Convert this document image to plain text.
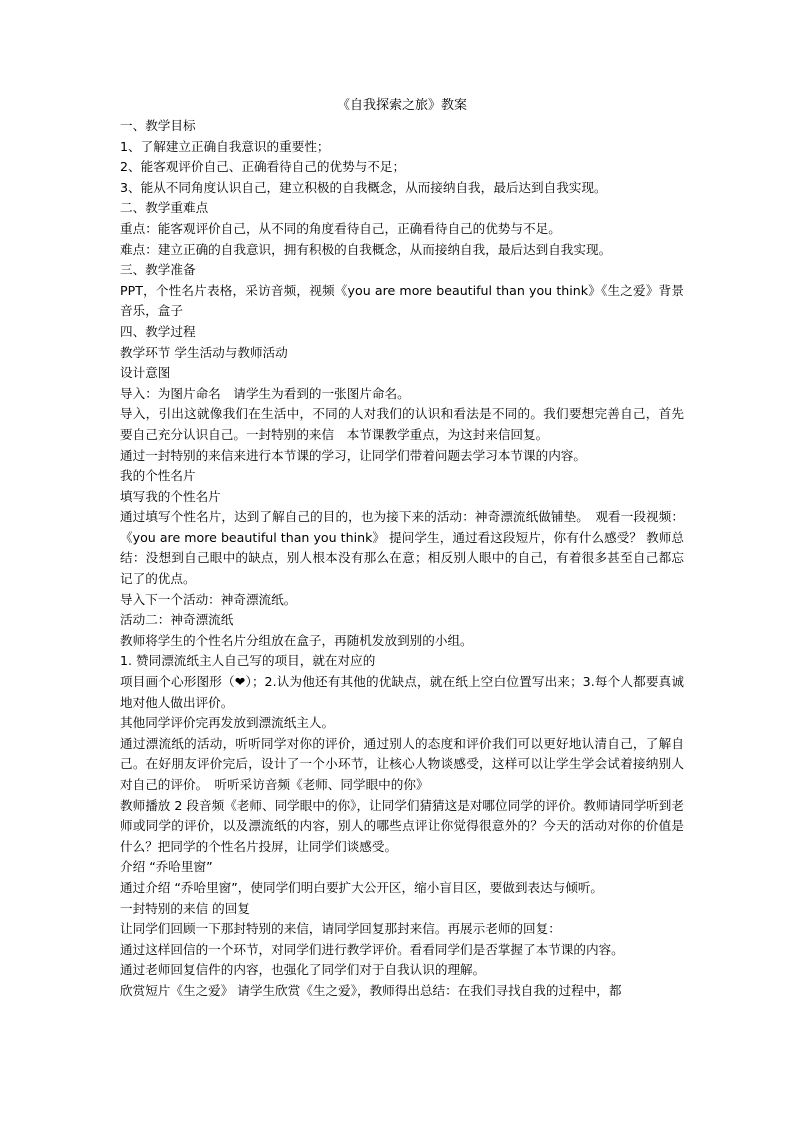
《自我探索之旅》教案

一、教学目标

1、了解建立正确自我意识的重要性；

2、能客观评价自己、正确看待自己的优势与不足；

3、能从不同角度认识自己，建立积极的自我概念，从而接纳自我，最后达到自我实现。

二、教学重难点

重点：能客观评价自己，从不同的角度看待自己，正确看待自己的优势与不足。

难点：建立正确的自我意识，拥有积极的自我概念，从而接纳自我，最后达到自我实现。

三、教学准备

PPT，个性名片表格，采访音频，视频《you are more beautiful than you think》《生之爱》背景音乐，盒子

四、教学过程

教学环节 学生活动与教师活动

设计意图

导入：为图片命名　请学生为看到的一张图片命名。

导入，引出这就像我们在生活中，不同的人对我们的认识和看法是不同的。我们要想完善自己，首先要自己充分认识自己。一封特别的来信　本节课教学重点，为这封来信回复。

通过一封特别的来信来进行本节课的学习，让同学们带着问题去学习本节课的内容。

我的个性名片

填写我的个性名片

通过填写个性名片，达到了解自己的目的，也为接下来的活动：神奇漂流纸做铺垫。　观看一段视频：《you are more beautiful than you think》 提问学生，通过看这段短片，你有什么感受？ 教师总结：没想到自己眼中的缺点，别人根本没有那么在意；相反别人眼中的自己，有着很多甚至自己都忘记了的优点。

导入下一个活动：神奇漂流纸。

活动二：神奇漂流纸

教师将学生的个性名片分组放在盒子，再随机发放到别的小组。

1. 赞同漂流纸主人自己写的项目，就在对应的

项目画个心形图形（❤）；2.认为他还有其他的优缺点，就在纸上空白位置写出来；3.每个人都要真诚地对他人做出评价。

其他同学评价完再发放到漂流纸主人。

通过漂流纸的活动，听听同学对你的评价，通过别人的态度和评价我们可以更好地认清自己，了解自己。在好朋友评价完后，设计了一个小环节，让核心人物谈感受，这样可以让学生学会试着接纳别人对自己的评价。　听听采访音频《老师、同学眼中的你》

教师播放 2 段音频《老师、同学眼中的你》，让同学们猜猜这是对哪位同学的评价。教师请同学听到老师或同学的评价，以及漂流纸的内容，别人的哪些点评让你觉得很意外的？今天的活动对你的价值是什么？把同学的个性名片投屏，让同学们谈感受。

介绍 “乔哈里窗”

通过介绍 “乔哈里窗”，使同学们明白要扩大公开区，缩小盲目区，要做到表达与倾听。

一封特别的来信 的回复

让同学们回顾一下那封特别的来信，请同学回复那封来信。再展示老师的回复：

通过这样回信的一个环节，对同学们进行教学评价。看看同学们是否掌握了本节课的内容。

通过老师回复信件的内容，也强化了同学们对于自我认识的理解。

欣赏短片《生之爱》 请学生欣赏《生之爱》，教师得出总结：在我们寻找自我的过程中，都
